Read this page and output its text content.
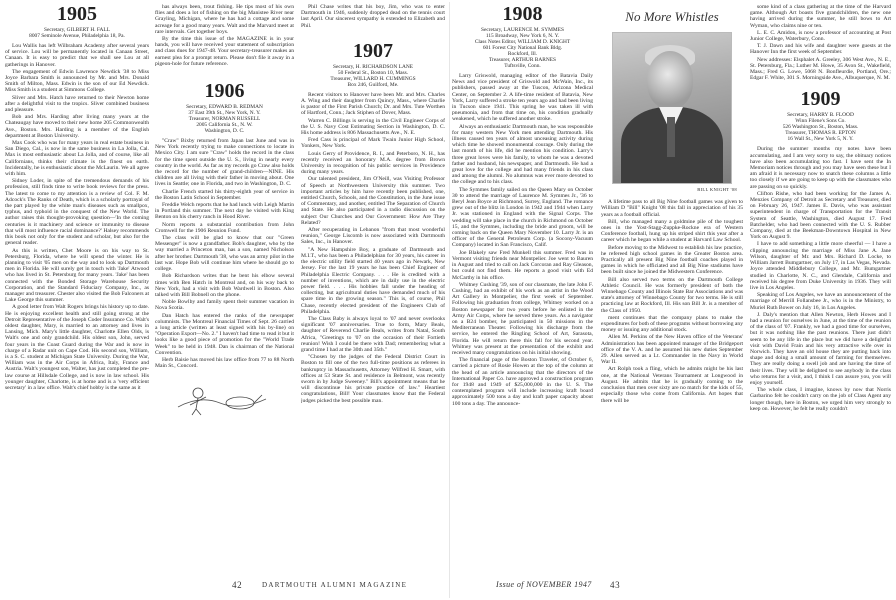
1905
Secretary, GILBERT H. FALL
8007 Seminole Avenue, Philadelphia 18, Pa.

Lou Wallis has left Wilbraham Academy after several years of service. Lou will be permanently located in Canaan Street, Canaan. It is easy to predict that we shall see Lou at all gatherings in Hanover.

The engagement of Edwin Lawrence Newdick '38 to Miss Joyce Barbara Smith is announced by Mr. and Mrs. Donald Smith of Milton, Mass. Edwin is the son of our Ed Newdick. Miss Smith is a student at Simmons College.

Sliver and Mrs. Hatch have returned to their Newton home after a delightful visit to the tropics. Sliver combined business and pleasure.

Bob and Mrs. Harding after living many years at the Chateaugay have moved to their new home 205 Commonwealth Ave., Boston. Mrs. Harding is a member of the English department at Boston University.

Max Cook who was for many years in real estate business in San Diego, Cal., is now in the same business in La Jolla, Cal. Max is most enthusiastic about La Jolla, and of course, like all Californians, thinks their climate is the finest on earth. Incidentally, he is enthusiastic about the McLaurin. We all agree with him.

Sidney Loder, in spite of the tremendous demands of his profession, still finds time to write book reviews for the press. The latest to come to my attention is a review of Col. F. M. Adcock's The Ranks of Death, which is a scholarly portrayal of the part played by the white man's diseases such as smallpox, typhus, and typhoid in the conquest of the New World. The author raises this thought-provoking question—'In the coming centuries is it machinery and science or immunity to disease that will most influence racial dominance?' Halsey recommends this book not only for the student and scholar, but also for the general reader.

As this is written, Chet Moore is on his way to St. Petersburg, Florida, where he will spend the winter. He is planning to visit '05 men on the way and to look up Dartmouth men in Florida. He will surely get in touch with 'Jake' Atwood who has lived in St. Petersburg for many years. 'Jake' has been connected with the Bonded Storage Warehouse Security Corporation, and the Standard Fiduciary Company, Inc., as manager and treasurer. Chester also visited the Bob Falconers at Lake George this summer.

A good letter from Walt Rogers brings his history up to date. He is enjoying excellent health and still going strong at the Detroit Representative of the Joseph Coder Insurance Co. Walt's oldest daughter, Mary, is married to an attorney and lives in Lansing, Mich. Mary's little daughter, Charlotte Ellen Olds, is Walt's one and only grandchild. His oldest son, John, served four years in the Coast Guard during the War and is now in charge of a Radar unit on Cape Cod. His second son, William, is a S. C. student at Michigan State University. During the War, William was in the Air Corps in Africa, Italy, France and Austria. Walt's youngest son, Walter, has just completed the pre-law course at Hillsdale College, and is now in law school. His younger daughter, Charlotte, is at home and is a 'very efficient secretary' in a law office. Walt's chief hobby is the same as it

has always been, trout fishing. He tips most of his own flies and does a lot of fishing on the big Manistee River near Grayling, Michigan, where he has had a cottage and some acreage for a good many years. Walt and the Marvard meet at rare intervals. Get together boys.

By the time this issue of the MAGAZINE is in your hands, you will have received your statement of subscription and class dues for 1947-48. Your secretary-treasurer makes an earnest plea for a prompt return. Please don't file it away in a pigeon-hole for future reference.

1906
Secretary, EDWARD B. REDMAN
37 East 39th St., New York, N. Y.
Treasurer, NORMAN RUSSELL
2005 California St., N. W.
Washington, D. C.

"Craw" Bixby returned from Japan last June and was in New York recently trying to make connections to locate in Mexico City. I am sure "Craw" holds the record in the class for the time spent outside the U. S., living in nearly every country in the world. As far as my records go Craw also holds the record for the number of grand-children—NINE. His children are all living with their father in moving about. One lives in Seattle; one in Florida, and two in Washington, D. C.

Charlie French started his thirty-eighth year of service in the Boston Latin School in September.

Freddie Welch reports that he had lunch with Leigh Martin in Portland this summer. The next day he visited with King Benton on his cherry ranch in Hood River.

Norm reports a substantial contribution from John Cromwell for the 1906 Reunion Fund.

The class will be glad to know that our "Green Messenger" is now a grandfather. Bob's daughter, who by the way married a Princeton man, has a son, named Nicholson after her brother. Dartmouth '38, who was an army pilot in the last war. Hope Bob will continue him where he should go to college.

Bob Richardson writes that he bent his elbow several times with Ben Hatch in Montreal and, on his way back to New York, had a visit with Bob Wardwell in Boston. Also talked with Bill Bobnell on the phone.

Noble Bowlby and family spent their summer vacation in Nova Scotia.

Dan Hatch has entered the ranks of the newspaper columnists. The Montreal Financial Times of Sept. 26 carried a long article (written at least signed with his by-line) on "Operation Export—No. 2." I haven't had time to read it but it looks like a good piece of promotion for the "World Trade Week" to be held in 1948. Dan is chairman of the National Convention.

Herb Baisie has moved his law office from 77 to 88 North Main St., Concord.

Phil Chase writes that his boy, Jim, who was to enter Dartmouth in 1946, suddenly dropped dead on the tennis court last April. Our sincerest sympathy is extended to Elizabeth and Phil.

1907
Secretary, H. RICHARDSON LANE
50 Federal St., Boston 10, Mass.
Treasurer, WILLARD H. CUMMINGS
Box 246, Guilford, Me.

Recent visitors to Hanover have been Mr. and Mrs. Charles A. Wing and their daughter from Quincy, Mass., where Charlie is pastor of the First Parish Church; Dr. and Mrs. Tute Worthen of Hartford, Conn.; Jack Stiphen of Dover, Mass.

Warren C. Billings is serving in the Civil Engineer Corps of the U. S. Navy Cost Estimating Section in Washington, D. C. His home address is 806 Massachusetts Ave., N. E.

Fred Cass is principal of Mark Twain Junior High School, Yonkers, New York.

Louis Gerry of Providence, R. I., and Peterboro, N. H., has recently received an honorary M.A. degree from Brown University in recognition of his public services in Providence during many years.

Our talented president, Jim O'Neill, was Visiting Professor of Speech at Northwestern University this summer. Two important articles by him have recently been published, one, entitled Church, Schools, and the Constitution, in the June issue of Commentary, and another, entitled The Separation of Church and State. He also participated in a radio discussion on the subject Our Churches and Our Government: How Are They Related?

After recuperating in Lebanon "from that most wonderful reunion," George Liscomb is now associated with Dartmouth Sales, Inc., in Hanover.

"A New Hampshire Boy, a graduate of Dartmouth and M.I.T., who has been a Philadelphian for 30 years, his career in the electric utility field started 40 years ago in Newark, New Jersey. For the last 19 years he has been Chief Engineer of Philadelphia Electric Company. . . . He is credited with a number of inventions, which are in daily use in the electric power field. . . . His hobbies fall under the heading of collecting, but agricultural duties have demanded much of his spare time in the growing season." This is, of course, Phil Chase, recently elected president of the Engineers Club of Philadelphia.

The Class Baby is always loyal to '07 and never overlooks significant '07 anniversaries. True to form, Mary Beals, daughter of Reverend Charlie Beals, writes from Natal, South Africa, "Greetings to '07 on the occasion of their Fortieth reunion! Wish I could be there with Dad; remembering what a grand time I had at the 30th and 35th."

"Chosen by the judges of the Federal District Court in Boston to fill one of the two full-time positions as referees in bankruptcy in Massachusetts, Attorney Wilfred H. Smart, with offices at 53 State St. and residence in Belmont, was recently sworn in by Judge Sweeney." Bill's appointment means that he will discontinue his private practice of law." Heartiest congratulations, Bill! Your classmates know that the Federal judges picked the best possible man.

1908
Secretary, LAURENCE M. SYMMES
115 Broadway, New York 6, N. Y.
Class Notes Editor, WILLIAM D. KNIGHT
601 Forest City National Bank Bldg.
Rockford, Ill.
Treasurer, ARTHUR BARNES
Tuftsville, Conn.

Larry Griswold, managing editor of the Batavia Daily News and vice president of Griswold and McWain, Inc., its publishers, passed away at the Tuscon, Arizona Medical Center, on September 2. A life-time resident of Batavia, New York, Larry suffered a stroke ten years ago and had been living in Tucson since 1941. This spring he was taken ill with pneumonia, and from that time on, his condition gradually weakened, which he suffered another stroke.

Always an enthusiastic Dartmouth man, he was responsible for many western New York men attending Dartmouth. His illness caused ten years of almost unceasing activity during which time he showed monumental courage. Only during the last month of his life, did he mention his condition. Larry's three great loves were his family, to whom he was a devoted father and husband, his newspaper, and Dartmouth. He had a great love for the college and had many friends in his class and among the alumni. No alumnus was ever more devoted to the college and to his class.

The Symmes family sailed on the Queen Mary on October 30 to attend the marriage of Laurence M. Symmes Jr., '36 to Beryl Jean Boyce at Richmond, Surrey, England. The romance grew out of the blitz in London in 1942 and 1944 when Larry Jr. was stationed in England with the Signal Corps. The wedding will take place in the church in Richmond on October 15, and the Symmes, including the bride and groom, will be coming back on the Queen Mary November 10. Larry Jr. is an officer of the General Petroleum Corp. (a Socony-Vacuum Company) located in San Francisco, Calif.

Joe Blakely saw Fred Munkell this summer. Fred was in Vermont visiting friends near Montpelier. Joe went to Bauren in August and tried to call on Jack Corcoran and Ray Gleason, but could not find them. He reports a good visit with Ed McCarthy in his office.

Whitney Cushing '39, son of our classmate, the late John F. Cushing, had an exhibit of his work as an artist in the Wood Art Gallery in Montpelier, the first week of September. Following his graduation from college, Whitney worked on a Boston newspaper for two years before he enlisted in the Army Air Corps, where he served three years. As a navigator on a B24 bomber, he participated in 50 missions in the Mediterranean Theater. Following his discharge from the service, he entered the Ringling School of Art, Sarasota, Florida. He will return there this fall for his second year. Whitney was present at the presentation of the exhibit and received many congratulations on his initial showing.

The financial page of the Boston Traveler, of October 6, carried a picture of Rosie Howen at the top of the column at the head of an article announcing that the directors of the International Paper Co. have approved a construction program for 1948 and 1949 of $25,000,000 in the U. S. The contemplated program will include increasing kraft board approximately 500 tons a day and kraft paper capacity about 100 tons a day. The announce-

No More Whistles
BILL KNIGHT '08

A lifetime pass to all Big Nine football games was given to William D "Bill" Knight '08 this fall in appreciation of his 35 years as a football official.

Bill, who managed many a goldmine pile of the toughest ones in the Yost-Stagg-Zuppke-Rockne era of Western Conference football, hung up his striped shirt this year after a career which he began while a student at Harvard Law School.

Before moving to the Midwest to establish his law practice, he refereed high school games in the Greater Boston area. Practically all present Big Nine football coaches played in games in which he officiated and all Big Nine stadiums have been built since he joined the Midwestern Conference.

Bill also served two terms on the Dartmouth College Athletic Council. He was formerly president of both the Winnebago County and Illinois State Bar Associations and was state's attorney of Winnebago County for two terms. He is still practicing law at Rockford, Ill. His son Bill Jr. is a member of the Class of 1950.

ment continues that the company plans to make the expenditures for both of these programs without borrowing any money or issuing any additional stock.

Allen M. Perkins of the New Haven office of the Veterans' Administration has been appointed manager of the Bridgeport office of the V. A. and he assumed his new duties September 29. Allen served as a Lt. Commander in the Navy in World War II.

Art Rolph took a fling, which he admits might be his last one, at the National Veterans Tournament at Longwood in August. He admits that he is gradually coming to the conclusion that men over sixty are no match for the kids of 55, especially those who come from California. Art hopes that there will be

some kind of a class gathering at the time of the Harvard game. Although Art boasts five grandchildren, the new one having arrived during the summer, he still bows to Art Wyman, who claims nine or ten.

L. E. C. Amidon, is now a professor of accounting at Post Junior College, Waterbury, Conn.

T. J. Dawn and his wife and daughter were guests at the Hanover Inn the first week of September.

New addresses: Elsphalet A. Greeley, 306 West Ave., N. E., St. Petersburg, Fla.; Luther M. Howe, 35 Avon St., Wakefield, Mass.; Fred G. Lowe, 5068 N. Bonfleurdie, Portland, Ore.; Edgar F. White, 301 S. Morningside Ave., Albuquerque, N. M.

1909
Secretary, HARRY B. FLOOD
Winn Filene's Sons Co.
526 Washington St., Boston, Mass.
Treasurer, THOMAS R. EPTON
16 Wall St., New York 5, N. Y.

During the summer months my notes have been accumulating, and I am very sorry to say, the obituary notices have also been accumulating too fast. I have sent the In Memoriam notices through and you may have seen these but I am afraid it is necessary now to snatch these columns a little too closely if we are going to keep up with the classmates who are passing on so quickly.

Clifton Rishe, who had been working for the James A. Menzies Company of Detroit as Secretary and Treasurer, died on February 26, 1947. James E. Davis, who was assistant superintendent in charge of Transportation for the Transit System of Seattle, Washington, died August 17. Fred Batchelder, who had been connected with the U. S. Rubber Company, died at the Beekman-Downtown Hospital in New York on August 9.

I have to add something a little more cheerful — I have a clipping announcing the marriage of Miss Jane A. Jane Wilson, daughter of Mr. and Mrs. Richard D. Locke, to William Jarrett Bumgartner, on July 17, in Las Vegas, Nevada. Joyce attended Middlebury College, and Mr. Bumgartner studied in Charlotte, N. C., and Glendale, California and received his degree from Duke University in 1936. They will live in Los Angeles.

Speaking of Los Angeles, we have an announcement of the marriage of Merrill Follansbee Jr., who is in the Ministry, to Muriel Ruth Bower on July 16, in Los Angeles.

J. Daly's mention that Allen Newton, Herb Howes and I had a reunion for ourselves in June, at the time of the reunion of the class of '07. Frankly, we had a good time for ourselves, but it was nothing like the past reunions. There just didn't seem to be any life in the place but we did have a delightful visit with David Frain and his very attractive wife over in Norwich. They have an old house they are putting back into shape and doing a small amount of farming for themselves. They are really doing a swell job and are having the time of their lives. They will be delighted to see anybody in the class who returns for a visit, and, I think I can assure you, you will enjoy yourself.

The whole class, I imagine, knows by now that Norris Garbarino felt he couldn't carry on the job of Class Agent any longer though, here in Boston, we urged him very strongly to keep on. However, he felt he really couldn't

42	DARTMOUTH ALUMNI MAGAZINE	Issue of NOVEMBER 1947 43
